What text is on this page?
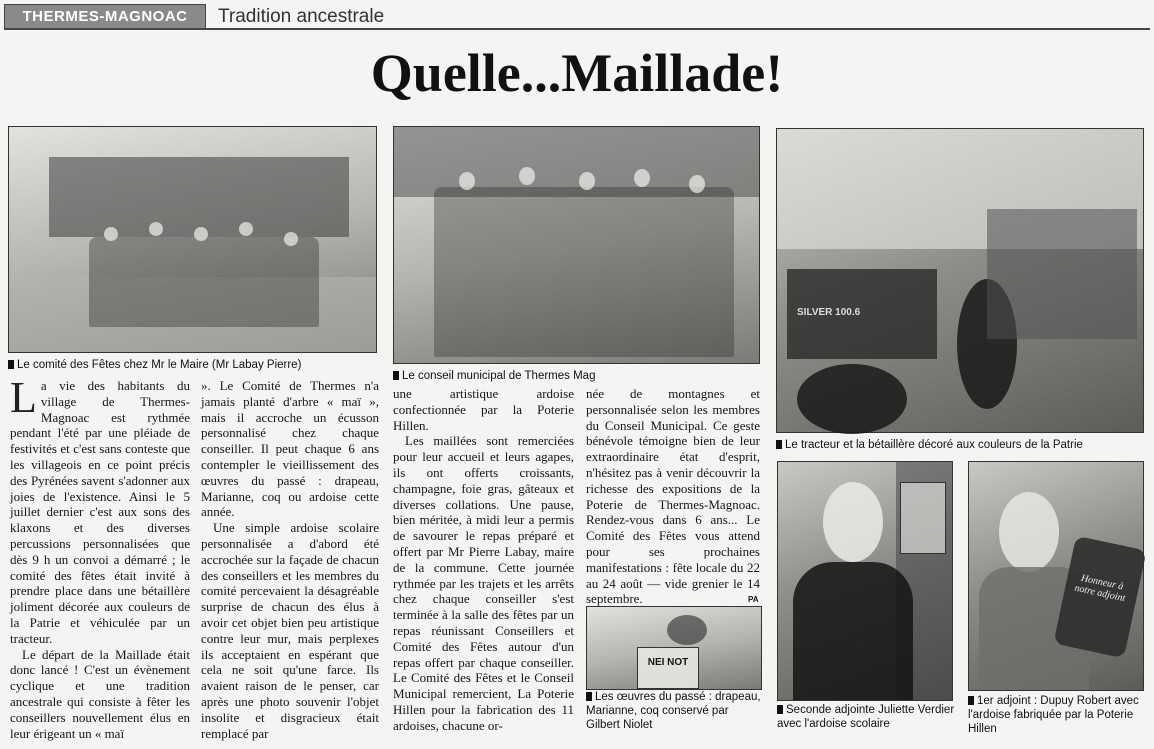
THERMES-MAGNOAC	Tradition ancestrale
Quelle...Maillade!
Le comité des Fêtes chez Mr le Maire (Mr Labay Pierre)
Le conseil municipal de Thermes Mag
SILVER 100.6
Le tracteur et la bétaillère décoré aux couleurs de la Patrie
NEI NOT
Les œuvres du passé : drapeau, Marianne, coq conservé par Gilbert Niolet
Seconde adjointe Juliette Verdier avec l'ardoise scolaire
Honneur à notre adjoint
1er adjoint : Dupuy Robert avec l'ardoise fabriquée par la Poterie Hillen

La vie des habitants du village de Thermes-Magnoac est rythmée pendant l'été par une pléiade de festivités et c'est sans conteste que les villageois en ce point précis des Pyrénées savent s'adonner aux joies de l'existence. Ainsi le 5 juillet dernier c'est aux sons des klaxons et des diverses percussions personnalisées que dès 9 h un convoi a démarré ; le comité des fêtes était invité à prendre place dans une bétaillère joliment décorée aux couleurs de la Patrie et véhiculée par un tracteur.

Le départ de la Maillade était donc lancé ! C'est un évènement cyclique et une tradition ancestrale qui consiste à fêter les conseillers nouvellement élus en leur érigeant un « maï

». Le Comité de Thermes n'a jamais planté d'arbre « maï », mais il accroche un écusson personnalisé chez chaque conseiller. Il peut chaque 6 ans contempler le vieillissement des œuvres du passé : drapeau, Marianne, coq ou ardoise cette année.

Une simple ardoise scolaire personnalisée a d'abord été accrochée sur la façade de chacun des conseillers et les membres du comité percevaient la désagréable surprise de chacun des élus à avoir cet objet bien peu artistique contre leur mur, mais perplexes ils acceptaient en espérant que cela ne soit qu'une farce. Ils avaient raison de le penser, car après une photo souvenir l'objet insolite et disgracieux était remplacé par

une artistique ardoise confectionnée par la Poterie Hillen.

Les maillées sont remerciées pour leur accueil et leurs agapes, ils ont offerts croissants, champagne, foie gras, gâteaux et diverses collations. Une pause, bien méritée, à midi leur a permis de savourer le repas préparé et offert par Mr Pierre Labay, maire de la commune. Cette journée rythmée par les trajets et les arrêts chez chaque conseiller s'est terminée à la salle des fêtes par un repas réunissant Conseillers et Comité des Fêtes autour d'un repas offert par chaque conseiller. Le Comité des Fêtes et le Conseil Municipal remercient, La Poterie Hillen pour la fabrication des 11 ardoises, chacune or-

née de montagnes et personnalisée selon les membres du Conseil Municipal. Ce geste bénévole témoigne bien de leur extraordinaire état d'esprit, n'hésitez pas à venir découvrir la richesse des expositions de la Poterie de Thermes-Magnoac. Rendez-vous dans 6 ans... Le Comité des Fêtes vous attend pour ses prochaines manifestations : fête locale du 22 au 24 août — vide grenier le 14 septembre.	PA
